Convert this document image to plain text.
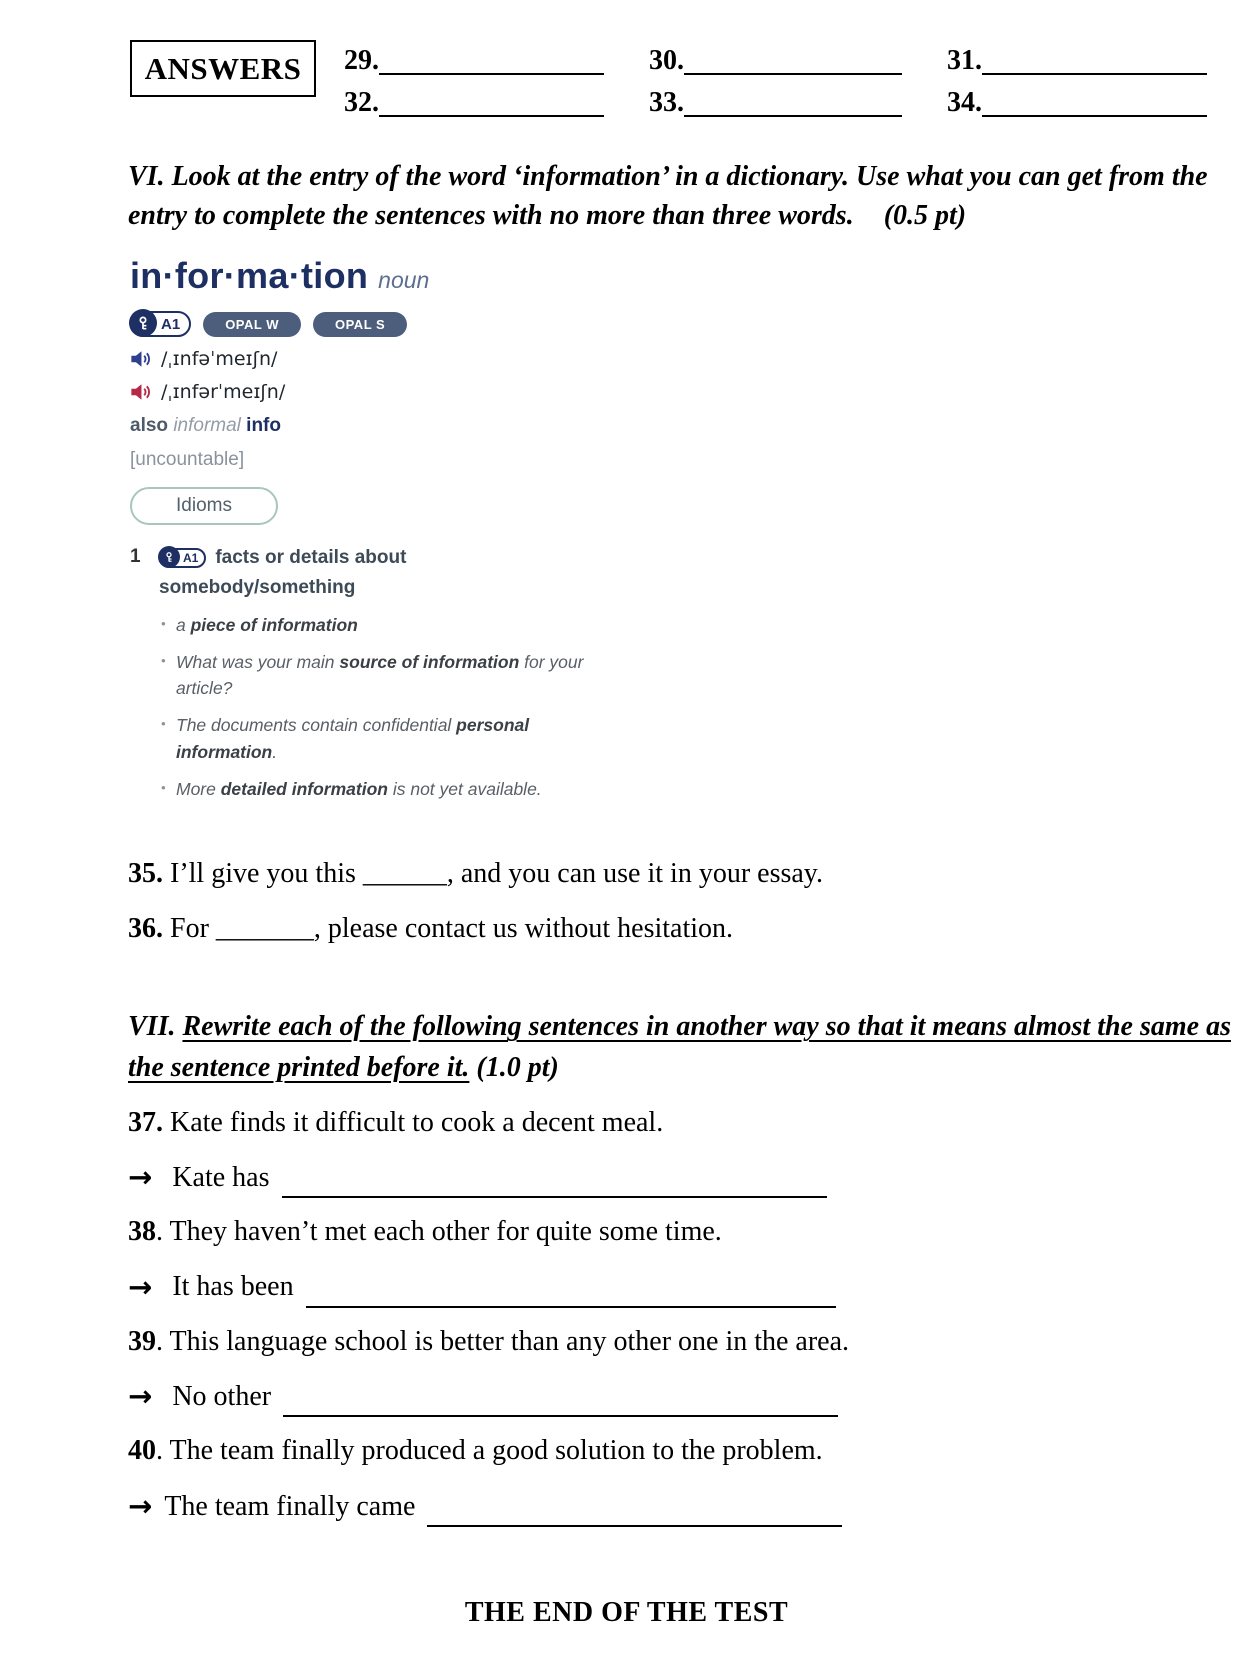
ANSWERS 29.	30.	31.
32.	33.	34.
VI. Look at the entry of the word ‘information’ in a dictionary. Use what you can get from the entry to complete the sentences with no more than three words. (0.5 pt)
in·for·ma·tion noun
A1	OPAL W	OPAL S
/ˌɪnfəˈmeɪʃn/
/ˌɪnfərˈmeɪʃn/
also informal info
[uncountable]
Idioms
1	A1 facts or details about
somebody/something
• a piece of information
• What was your main source of information for your article?
• The documents contain confidential personal information.
• More detailed information is not yet available.
35. I’ll give you this ______, and you can use it in your essay.
36. For _______, please contact us without hesitation.
VII. Rewrite each of the following sentences in another way so that it means almost the same as the sentence printed before it. (1.0 pt)
37. Kate finds it difficult to cook a decent meal.
→ Kate has
38. They haven’t met each other for quite some time.
→ It has been
39. This language school is better than any other one in the area.
→ No other
40. The team finally produced a good solution to the problem.
→ The team finally came
THE END OF THE TEST
